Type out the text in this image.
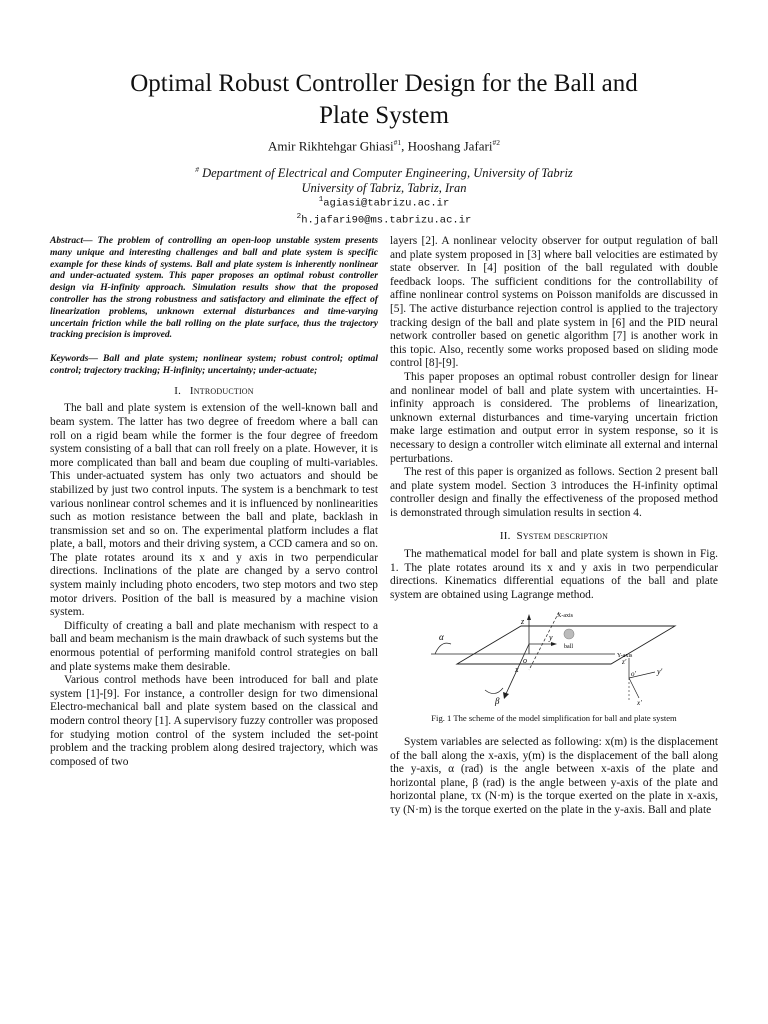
Optimal Robust Controller Design for the Ball and
Plate System
Amir Rikhtehgar Ghiasi$^{\#1}$, Hooshang Jafari$^{\#2}$
# Department of Electrical and Computer Engineering, University of Tabriz
University of Tabriz, Tabriz, Iran
$^1$agiasi@tabrizu.ac.ir
$^2$h.jafari90@ms.tabrizu.ac.ir

Abstract— The problem of controlling an open-loop unstable system presents many unique and interesting challenges and ball and plate system is specific example for these kinds of systems. Ball and plate system is inherently nonlinear and under-actuated system. This paper proposes an optimal robust controller design via H-infinity approach. Simulation results show that the proposed controller has the strong robustness and satisfactory and eliminate the effect of linearization problems, unknown external disturbances and time-varying uncertain friction while the ball rolling on the plate surface, thus the trajectory tracking precision is improved.

Keywords— Ball and plate system; nonlinear system; robust control; optimal control; trajectory tracking; H-infinity; uncertainty; under-actuate;

I. Introduction

The ball and plate system is extension of the well-known ball and beam system. The latter has two degree of freedom where a ball can roll on a rigid beam while the former is the four degree of freedom system consisting of a ball that can roll freely on a plate. However, it is more complicated than ball and beam due coupling of multi-variables. This under-actuated system has only two actuators and should be stabilized by just two control inputs. The system is a benchmark to test various nonlinear control schemes and it is influenced by nonlinearities such as motion resistance between the ball and plate, backlash in transmission set and so on. The experimental platform includes a flat plate, a ball, motors and their driving system, a CCD camera and so on. The plate rotates around its x and y axis in two perpendicular directions. Inclinations of the plate are changed by a servo control system mainly including photo encoders, two step motors and two step motor drivers. Position of the ball is measured by a machine vision system.

Difficulty of creating a ball and plate mechanism with respect to a ball and beam mechanism is the main drawback of such systems but the enormous potential of performing manifold control strategies on ball and plate systems make them desirable.

Various control methods have been introduced for ball and plate system [1]-[9]. For instance, a controller design for two dimensional Electro-mechanical ball and plate system based on the classical and modern control theory [1]. A supervisory fuzzy controller was proposed for studying motion control of the system included the set-point problem and the tracking problem along desired trajectory, which was composed of two

layers [2]. A nonlinear velocity observer for output regulation of ball and plate system proposed in [3] where ball velocities are estimated by state observer. In [4] position of the ball regulated with double feedback loops. The sufficient conditions for the controllability of affine nonlinear control systems on Poisson manifolds are discussed in [5]. The active disturbance rejection control is applied to the trajectory tracking design of the ball and plate system in [6] and the PID neural network controller based on genetic algorithm [7] is another work in this topic. Also, recently some works proposed based on sliding mode control [8]-[9].

This paper proposes an optimal robust controller design for linear and nonlinear model of ball and plate system with uncertainties. H-infinity approach is considered. The problems of linearization, unknown external disturbances and time-varying uncertain friction make large estimation and output error in system response, so it is necessary to design a controller witch eliminate all external and internal perturbations.

The rest of this paper is organized as follows. Section 2 present ball and plate system model. Section 3 introduces the H-infinity optimal controller design and finally the effectiveness of the proposed method is demonstrated through simulation results in section 4.

II. System description

The mathematical model for ball and plate system is shown in Fig. 1. The plate rotates around its x and y axis in two perpendicular directions. Kinematics differential equations of the ball and plate system are obtained using Lagrange method.

X-axis
Y-axis
ball
z
x
y
o
α
β
z'
o'	y'
x'
Fig. 1 The scheme of the model simplification for ball and plate system

System variables are selected as following: x(m) is the displacement of the ball along the x-axis, y(m) is the displacement of the ball along the y-axis, α (rad) is the angle between x-axis of the plate and horizontal plane, β (rad) is the angle between y-axis of the plate and horizontal plane, τx (N·m) is the torque exerted on the plate in x-axis, τy (N·m) is the torque exerted on the plate in the y-axis. Ball and plate
